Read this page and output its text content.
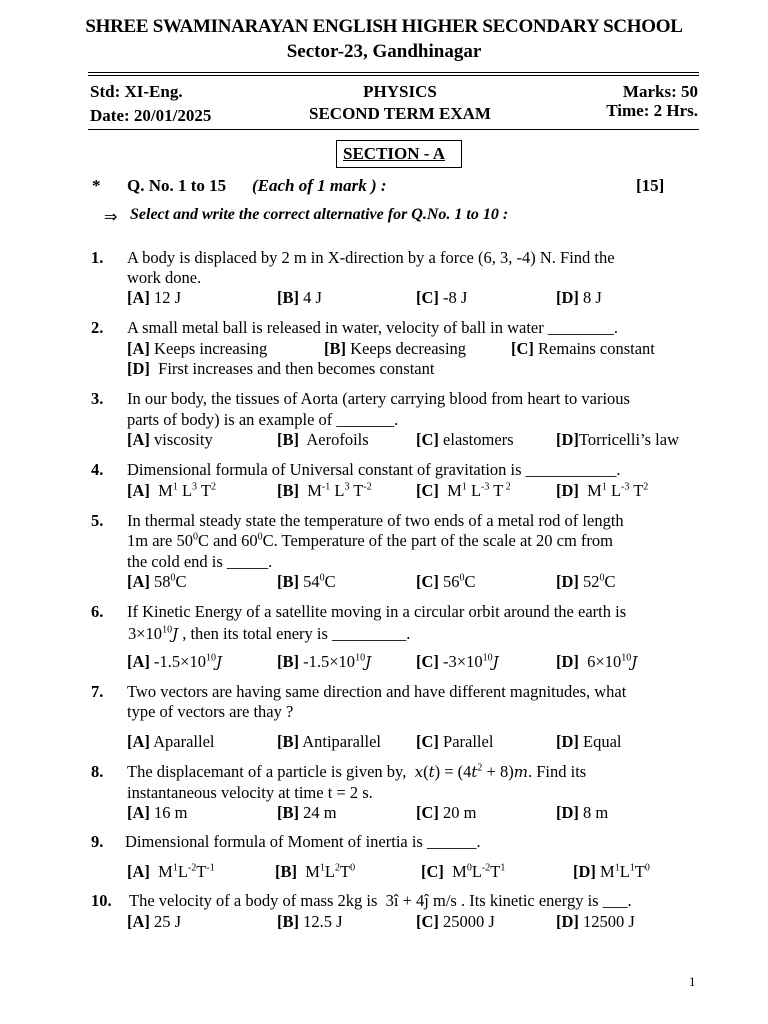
SHREE SWAMINARAYAN ENGLISH HIGHER SECONDARY SCHOOL
Sector-23, Gandhinagar
Std: XI-Eng.
Date: 20/01/2025
PHYSICS
SECOND TERM EXAM
Marks: 50
Time: 2 Hrs.
SECTION - A
* Q. No. 1 to 15 (Each of 1 mark ) :	[15]
⇒ Select and write the correct alternative for Q.No. 1 to 10 :
1. A body is displaced by 2 m in X-direction by a force (6, 3, -4) N. Find the
work done.
[A] 12 J	[B] 4 J	[C] -8 J	[D] 8 J
2. A small metal ball is released in water, velocity of ball in water ________.
[A] Keeps increasing	[B] Keeps decreasing	[C] Remains constant
[D] First increases and then becomes constant
3. In our body, the tissues of Aorta (artery carrying blood from heart to various
parts of body) is an example of _______.
[A] viscosity	[B] Aerofoils	[C] elastomers	[D]Torricelli’s law
4. Dimensional formula of Universal constant of gravitation is ___________.
[A]  $M^1$ $L^3$ $T^2$	[B]  $M^{-1}$ $L^3$ $T^{-2}$	[C]  $M^1$ $L^{-3}$ T $^2$	[D]  $M^1$ $L^{-3}$ $T^2$
5. In thermal steady state the temperature of two ends of a metal rod of length
1m are $50^0C$ and $60^0C$. Temperature of the part of the scale at 20 cm from
the cold end is _____.
[A] $58^0C$	[B] $54^0C$	[C] $56^0C$	[D] $52^0C$
6. If Kinetic Energy of a satellite moving in a circular orbit around the earth is
$3\times 10^{10}J$ , then its total enery is _________.
[A] $-1.5\times 10^{10}J$	[B] $-1.5\times 10^{10}J$	[C] $-3\times 10^{10}J$	[D]  $6\times 10^{10}J$
7. Two vectors are having same direction and have different magnitudes, what
type of vectors are thay ?
[A] Aparallel	[B] Antiparallel [C] Parallel	[D] Equal
8. The displacemant of a particle is given by, $x(t) = (4t^2 + 8)m$. Find its
instantaneous velocity at time t = 2 s.
[A] 16 m	[B] 24 m	[C] 20 m	[D] 8 m
9. Dimensional formula of Moment of inertia is ______.
[A]  $M^1L^{-2}T^{-1}$	[B]  $M^1L^2T^0$	[C]  $M^0L^{-2}T^1$	[D] $M^1L^1T^0$
10. The velocity of a body of mass 2kg is  3î + 4ĵ m/s . Its kinetic energy is ___.
[A] 25 J	[B] 12.5 J	[C] 25000 J	[D] 12500 J
1
